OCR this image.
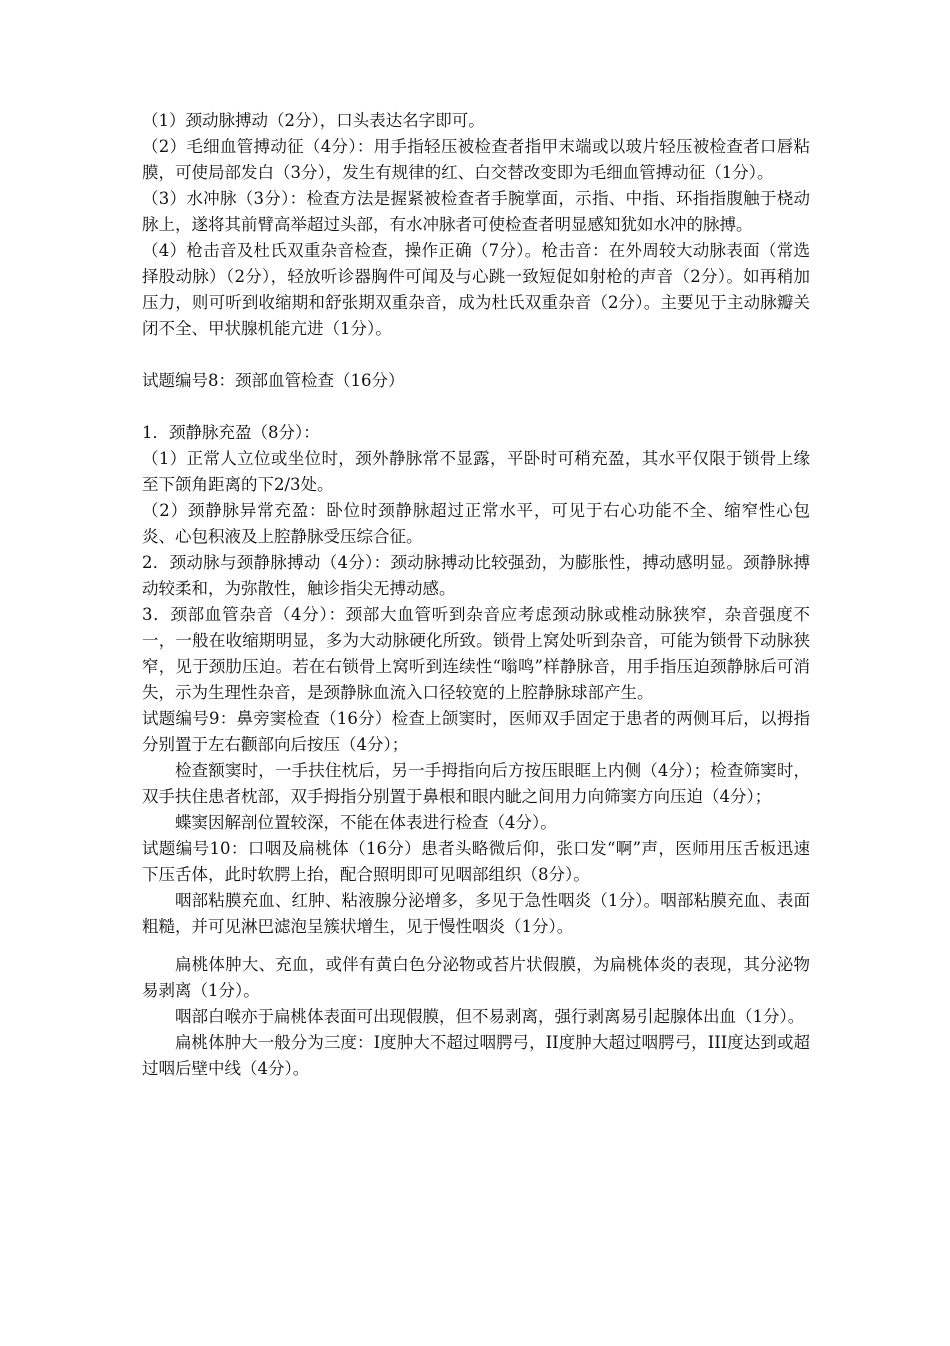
（1）颈动脉搏动（2分），口头表达名字即可。

（2）毛细血管搏动征（4分）：用手指轻压被检查者指甲末端或以玻片轻压被检查者口唇粘膜，可使局部发白（3分），发生有规律的红、白交替改变即为毛细血管搏动征（1分）。

（3）水冲脉（3分）：检查方法是握紧被检查者手腕掌面，示指、中指、环指指腹触于桡动脉上，遂将其前臂高举超过头部，有水冲脉者可使检查者明显感知犹如水冲的脉搏。

（4）枪击音及杜氏双重杂音检查，操作正确（7分）。枪击音：在外周较大动脉表面（常选择股动脉）（2分），轻放听诊器胸件可闻及与心跳一致短促如射枪的声音（2分）。如再稍加压力，则可听到收缩期和舒张期双重杂音，成为杜氏双重杂音（2分）。主要见于主动脉瓣关闭不全、甲状腺机能亢进（1分）。

试题编号8：颈部血管检查（16分）

1．颈静脉充盈（8分）：

（1）正常人立位或坐位时，颈外静脉常不显露，平卧时可稍充盈，其水平仅限于锁骨上缘至下颌角距离的下2/3处。

（2）颈静脉异常充盈：卧位时颈静脉超过正常水平，可见于右心功能不全、缩窄性心包炎、心包积液及上腔静脉受压综合征。

2．颈动脉与颈静脉搏动（4分）：颈动脉搏动比较强劲，为膨胀性，搏动感明显。颈静脉搏动较柔和，为弥散性，触诊指尖无搏动感。

3．颈部血管杂音（4分）：颈部大血管听到杂音应考虑颈动脉或椎动脉狭窄，杂音强度不一，一般在收缩期明显，多为大动脉硬化所致。锁骨上窝处听到杂音，可能为锁骨下动脉狭窄，见于颈肋压迫。若在右锁骨上窝听到连续性“嗡鸣”样静脉音，用手指压迫颈静脉后可消失，示为生理性杂音，是颈静脉血流入口径较宽的上腔静脉球部产生。

试题编号9：鼻旁窦检查（16分）检查上颌窦时，医师双手固定于患者的两侧耳后，以拇指分别置于左右颧部向后按压（4分）；

检查额窦时，一手扶住枕后，另一手拇指向后方按压眼眶上内侧（4分）；检查筛窦时，双手扶住患者枕部，双手拇指分别置于鼻根和眼内眦之间用力向筛窦方向压迫（4分）；

蝶窦因解剖位置较深，不能在体表进行检查（4分）。

试题编号10：口咽及扁桃体（16分）患者头略微后仰，张口发“啊”声，医师用压舌板迅速下压舌体，此时软腭上抬，配合照明即可见咽部组织（8分）。

咽部粘膜充血、红肿、粘液腺分泌增多，多见于急性咽炎（1分）。咽部粘膜充血、表面粗糙，并可见淋巴滤泡呈簇状增生，见于慢性咽炎（1分）。

扁桃体肿大、充血，或伴有黄白色分泌物或苔片状假膜，为扁桃体炎的表现，其分泌物易剥离（1分）。

咽部白喉亦于扁桃体表面可出现假膜，但不易剥离，强行剥离易引起腺体出血（1分）。

扁桃体肿大一般分为三度：I度肿大不超过咽腭弓，II度肿大超过咽腭弓，III度达到或超过咽后壁中线（4分）。
